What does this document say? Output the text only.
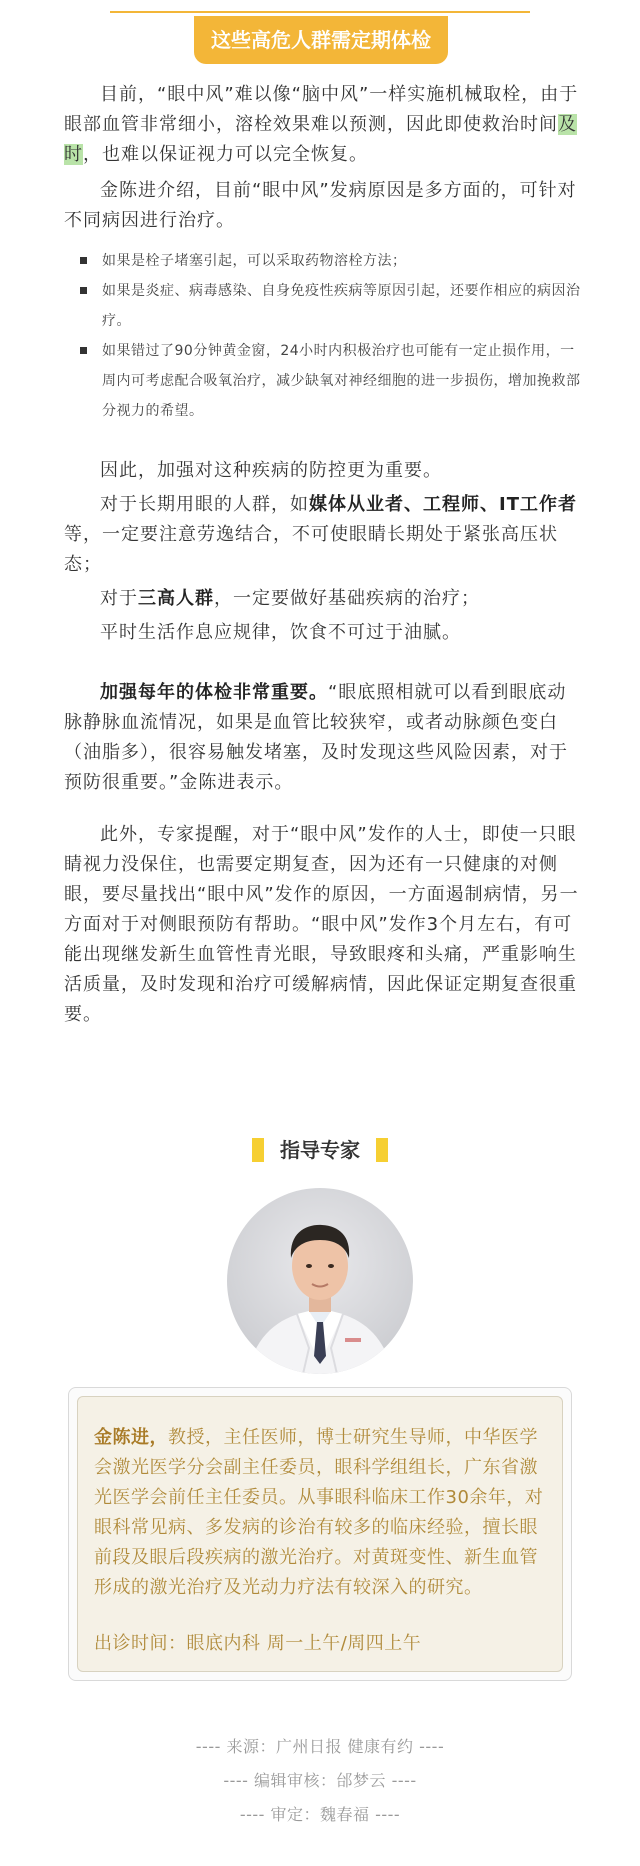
这些高危人群需定期体检

目前，“眼中风”难以像“脑中风”一样实施机械取栓，由于眼部血管非常细小，溶栓效果难以预测，因此即使救治时间及时，也难以保证视力可以完全恢复。

金陈进介绍，目前“眼中风”发病原因是多方面的，可针对不同病因进行治疗。

如果是栓子堵塞引起，可以采取药物溶栓方法；
如果是炎症、病毒感染、自身免疫性疾病等原因引起，还要作相应的病因治疗。
如果错过了90分钟黄金窗，24小时内积极治疗也可能有一定止损作用，一周内可考虑配合吸氧治疗，减少缺氧对神经细胞的进一步损伤，增加挽救部分视力的希望。

因此，加强对这种疾病的防控更为重要。

对于长期用眼的人群，如媒体从业者、工程师、IT工作者等，一定要注意劳逸结合，不可使眼睛长期处于紧张高压状态；

对于三高人群，一定要做好基础疾病的治疗；

平时生活作息应规律，饮食不可过于油腻。

加强每年的体检非常重要。“眼底照相就可以看到眼底动脉静脉血流情况，如果是血管比较狭窄，或者动脉颜色变白（油脂多），很容易触发堵塞，及时发现这些风险因素，对于预防很重要。”金陈进表示。

此外，专家提醒，对于“眼中风”发作的人士，即使一只眼睛视力没保住，也需要定期复查，因为还有一只健康的对侧眼，要尽量找出“眼中风”发作的原因，一方面遏制病情，另一方面对于对侧眼预防有帮助。“眼中风”发作3个月左右，有可能出现继发新生血管性青光眼，导致眼疼和头痛，严重影响生活质量，及时发现和治疗可缓解病情，因此保证定期复查很重要。

指导专家

金陈进，教授，主任医师，博士研究生导师，中华医学会激光医学分会副主任委员，眼科学组组长，广东省激光医学会前任主任委员。从事眼科临床工作30余年，对眼科常见病、多发病的诊治有较多的临床经验，擅长眼前段及眼后段疾病的激光治疗。对黄斑变性、新生血管形成的激光治疗及光动力疗法有较深入的研究。

出诊时间：眼底内科 周一上午/周四上午

---- 来源：广州日报 健康有约 ----
---- 编辑审核：邰梦云 ----
---- 审定：魏春福 ----
